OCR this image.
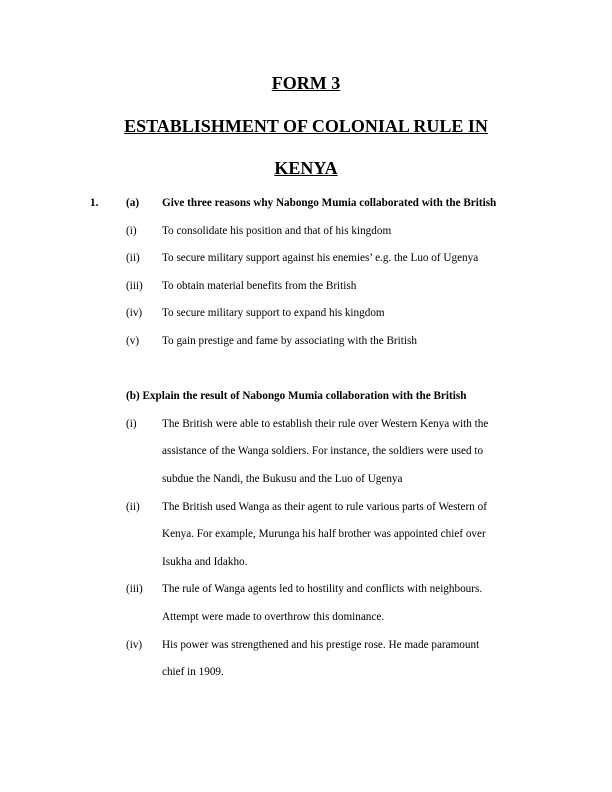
FORM 3
ESTABLISHMENT OF COLONIAL RULE IN
KENYA
1. (a) Give three reasons why Nabongo Mumia collaborated with the British
(i) To consolidate his position and that of his kingdom
(ii) To secure military support against his enemies’ e.g. the Luo of Ugenya
(iii) To obtain material benefits from the British
(iv) To secure military support to expand his kingdom
(v) To gain prestige and fame by associating with the British
(b) Explain the result of Nabongo Mumia collaboration with the British
(i) The British were able to establish their rule over Western Kenya with the
assistance of the Wanga soldiers. For instance, the soldiers were used to
subdue the Nandi, the Bukusu and the Luo of Ugenya
(ii) The British used Wanga as their agent to rule various parts of Western of
Kenya. For example, Murunga his half brother was appointed chief over
Isukha and Idakho.
(iii) The rule of Wanga agents led to hostility and conflicts with neighbours.
Attempt were made to overthrow this dominance.
(iv) His power was strengthened and his prestige rose. He made paramount
chief in 1909.
